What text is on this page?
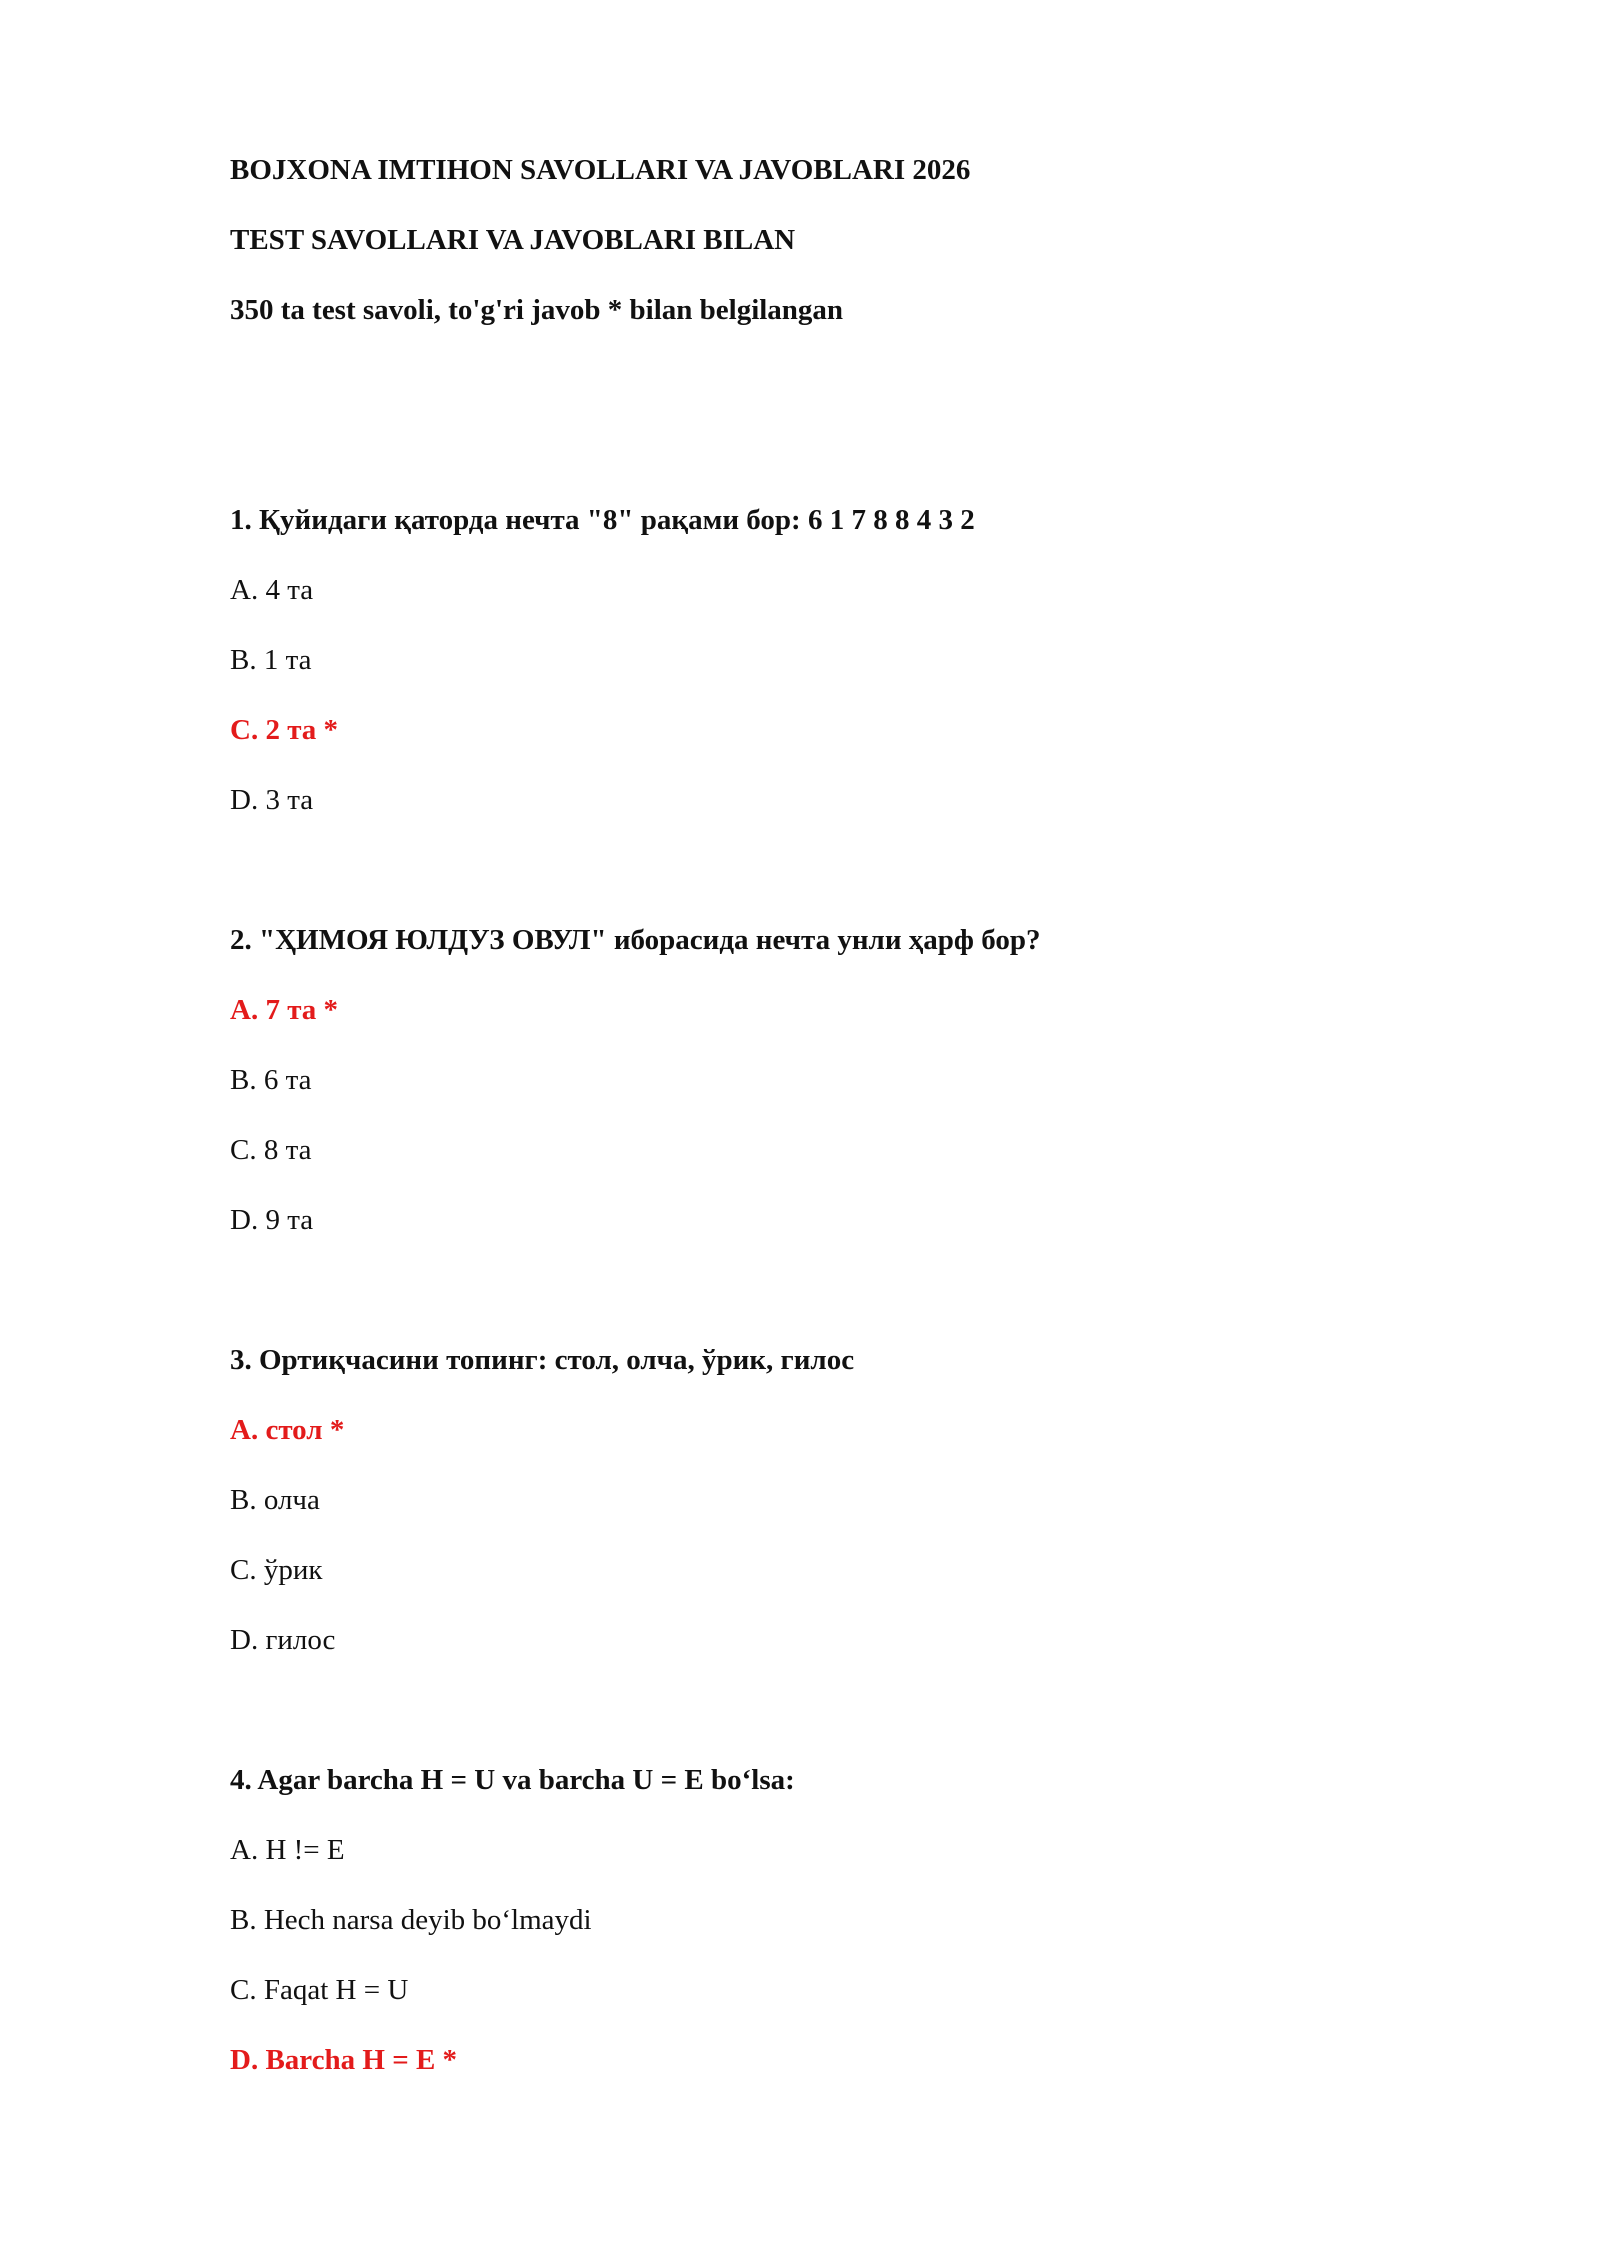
BOJXONA IMTIHON SAVOLLARI VA JAVOBLARI 2026
TEST SAVOLLARI VA JAVOBLARI BILAN
350 ta test savoli, to'g'ri javob * bilan belgilangan
1. Қуйидаги қаторда нечта "8" рақами бор: 6 1 7 8 8 4 3 2
A. 4 та
B. 1 та
C. 2 та *
D. 3 та
2. "ҲИМОЯ ЮЛДУЗ ОВУЛ" иборасида нечта унли ҳарф бор?
A. 7 та *
B. 6 та
C. 8 та
D. 9 та
3. Ортиқчасини топинг: стол, олча, ўрик, гилос
A. стол *
B. олча
C. ўрик
D. гилос
4. Agar barcha H = U va barcha U = E bo‘lsa:
A. H != E
B. Hech narsa deyib bo‘lmaydi
C. Faqat H = U
D. Barcha H = E *
